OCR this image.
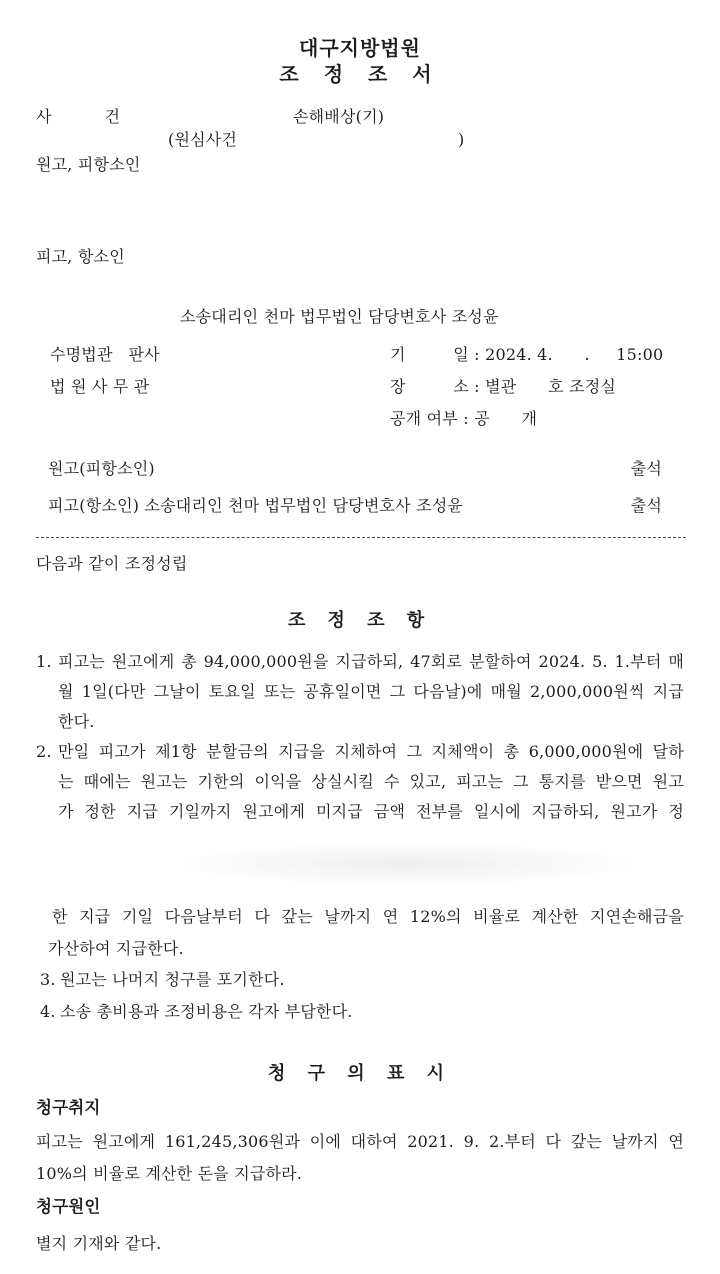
대구지방법원
조 정 조 서
사          건	손해배상(기)
(원심사건	)
원고, 피항소인
피고, 항소인
소송대리인 천마 법무법인 담당변호사 조성윤
수명법관   판사
법 원 사 무 관
기         일 : 2024. 4.      .     15:00
장         소 : 별관      호 조정실
공개 여부 : 공      개
원고(피항소인)	출석
피고(항소인) 소송대리인 천마 법무법인 담당변호사 조성윤	출석
다음과 같이 조정성립
조 정 조 항
1. 피고는 원고에게 총 94,000,000원을 지급하되, 47회로 분할하여 2024. 5. 1.부터 매
월 1일(다만 그날이 토요일 또는 공휴일이면 그 다음날)에 매월 2,000,000원씩 지급
한다.
2. 만일 피고가 제1항 분할금의 지급을 지체하여 그 지체액이 총 6,000,000원에 달하
는 때에는 원고는 기한의 이익을 상실시킬 수 있고, 피고는 그 통지를 받으면 원고
가 정한 지급 기일까지 원고에게 미지급 금액 전부를 일시에 지급하되, 원고가 정
한 지급 기일 다음날부터 다 갚는 날까지 연 12%의 비율로 계산한 지연손해금을
가산하여 지급한다.
3. 원고는 나머지 청구를 포기한다.
4. 소송 총비용과 조정비용은 각자 부담한다.
청 구 의 표 시
청구취지
피고는 원고에게 161,245,306원과 이에 대하여 2021. 9. 2.부터 다 갚는 날까지 연
10%의 비율로 계산한 돈을 지급하라.
청구원인
별지 기재와 같다.
